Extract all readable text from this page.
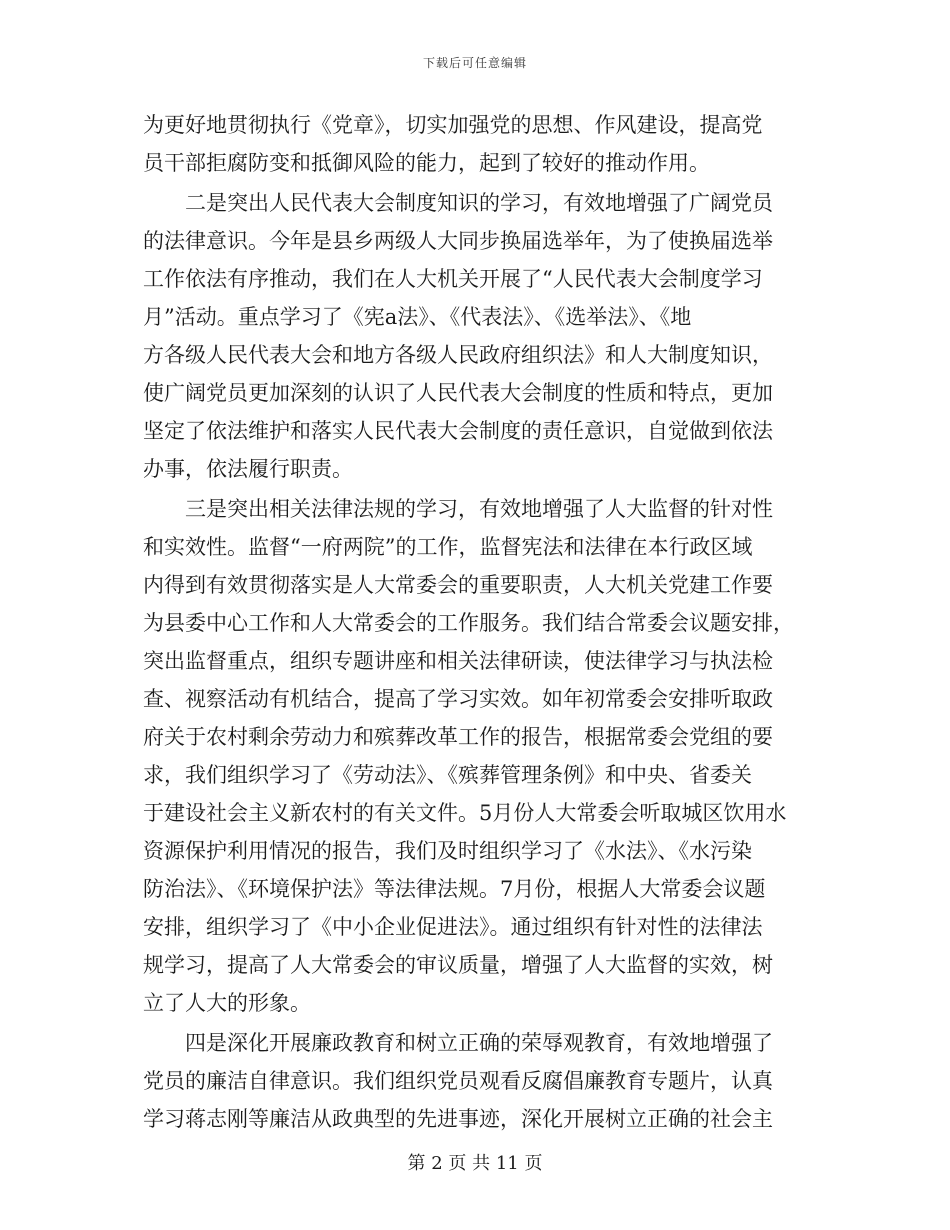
下载后可任意编辑
为更好地贯彻执行《党章》，切实加强党的思想、作风建设，提高党
员干部拒腐防变和抵御风险的能力，起到了较好的推动作用。
　　二是突出人民代表大会制度知识的学习，有效地增强了广阔党员
的法律意识。今年是县乡两级人大同步换届选举年，为了使换届选举
工作依法有序推动，我们在人大机关开展了“人民代表大会制度学习
月”活动。重点学习了《宪a法》、《代表法》、《选举法》、《地
方各级人民代表大会和地方各级人民政府组织法》和人大制度知识，
使广阔党员更加深刻的认识了人民代表大会制度的性质和特点，更加
坚定了依法维护和落实人民代表大会制度的责任意识，自觉做到依法
办事，依法履行职责。
　　三是突出相关法律法规的学习，有效地增强了人大监督的针对性
和实效性。监督“一府两院”的工作，监督宪法和法律在本行政区域
内得到有效贯彻落实是人大常委会的重要职责，人大机关党建工作要
为县委中心工作和人大常委会的工作服务。我们结合常委会议题安排，
突出监督重点，组织专题讲座和相关法律研读，使法律学习与执法检
查、视察活动有机结合，提高了学习实效。如年初常委会安排听取政
府关于农村剩余劳动力和殡葬改革工作的报告，根据常委会党组的要
求，我们组织学习了《劳动法》、《殡葬管理条例》和中央、省委关
于建设社会主义新农村的有关文件。5月份人大常委会听取城区饮用水
资源保护利用情况的报告，我们及时组织学习了《水法》、《水污染
防治法》、《环境保护法》等法律法规。7月份，根据人大常委会议题
安排，组织学习了《中小企业促进法》。通过组织有针对性的法律法
规学习，提高了人大常委会的审议质量，增强了人大监督的实效，树
立了人大的形象。
　　四是深化开展廉政教育和树立正确的荣辱观教育，有效地增强了
党员的廉洁自律意识。我们组织党员观看反腐倡廉教育专题片，认真
学习蒋志刚等廉洁从政典型的先进事迹，深化开展树立正确的社会主
第 2 页 共 11 页
